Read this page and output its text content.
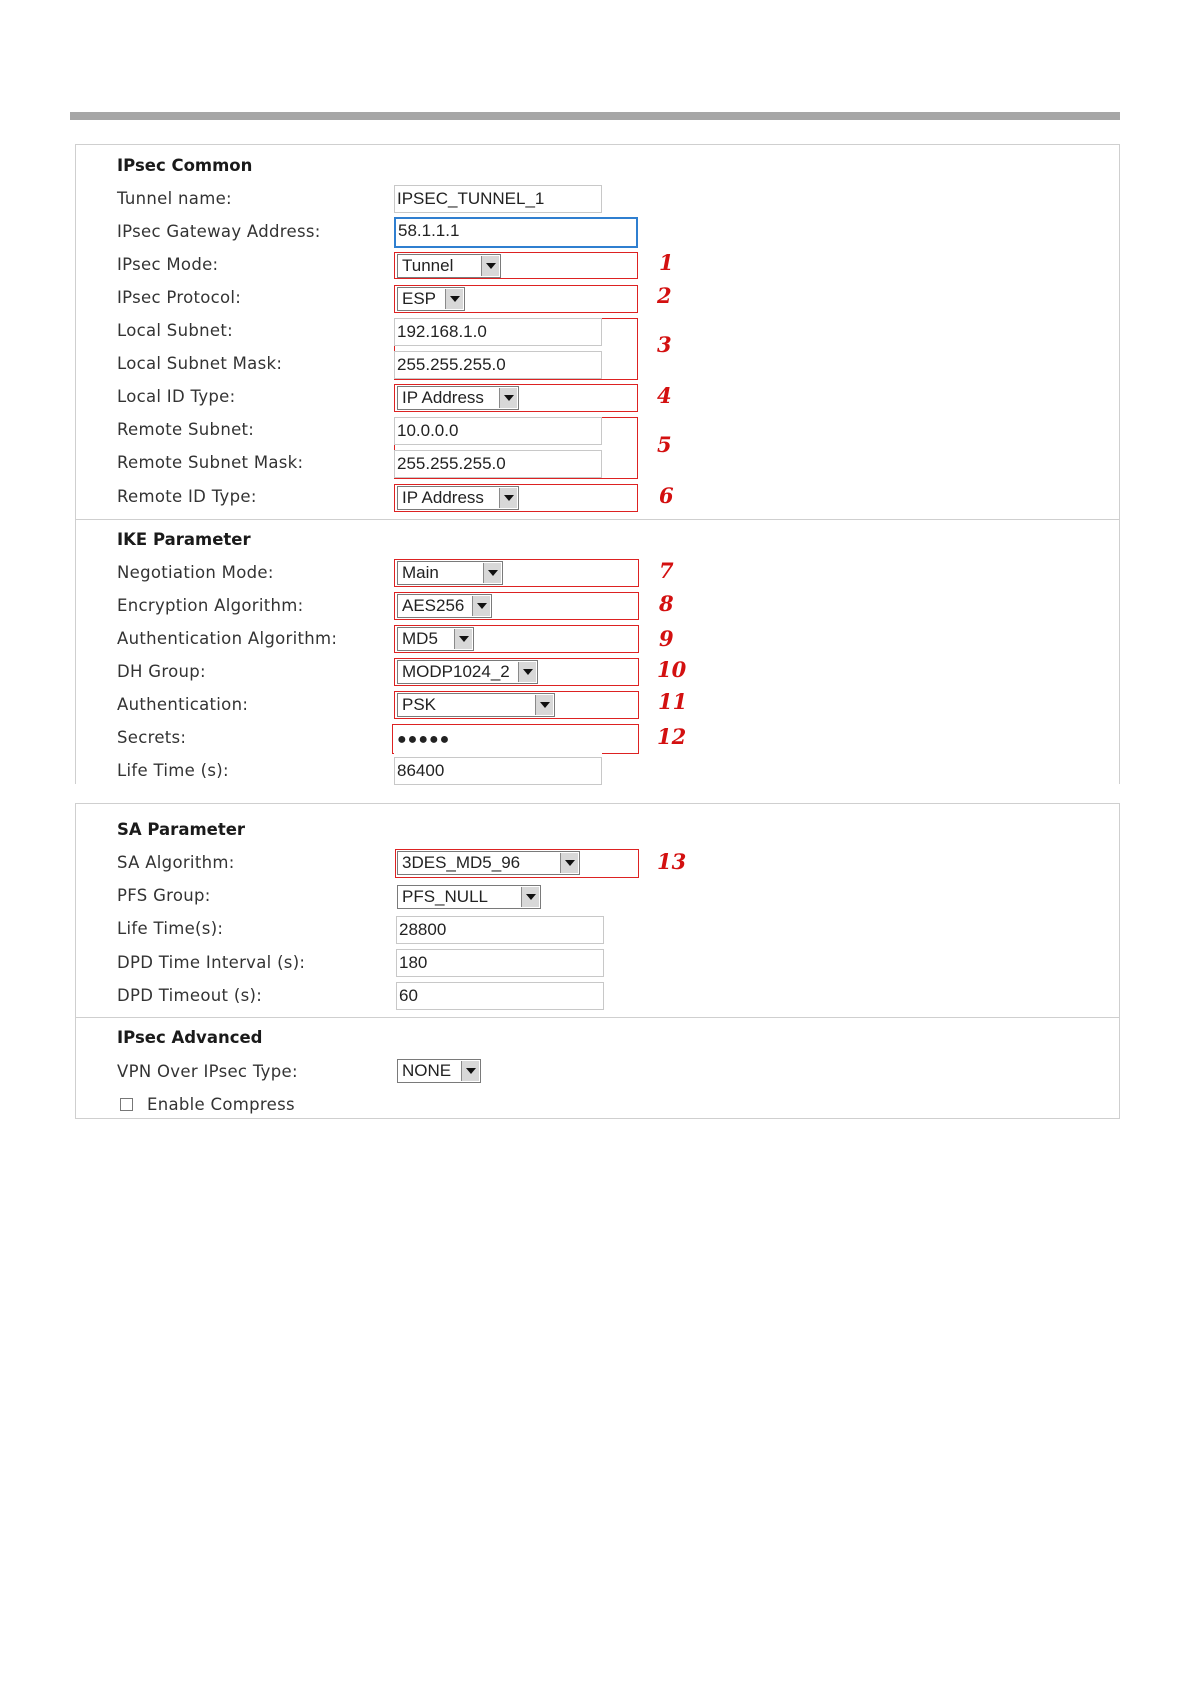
IPsec Common
Tunnel name:	IPSEC_TUNNEL_1
IPsec Gateway Address:	58.1.1.1
IPsec Mode:	Tunnel	1
IPsec Protocol:	ESP	2
Local Subnet:	192.168.1.0
3
Local Subnet Mask:	255.255.255.0
Local ID Type:	IP Address	4
Remote Subnet:	10.0.0.0
5
Remote Subnet Mask:	255.255.255.0
Remote ID Type:	IP Address	6
IKE Parameter
Negotiation Mode:	Main	7
Encryption Algorithm:	AES256	8
Authentication Algorithm:	MD5	9
DH Group:	MODP1024_2	10
Authentication:	PSK	11
Secrets:	●●●●●	12
Life Time (s):	86400
SA Parameter
SA Algorithm:	3DES_MD5_96	13
PFS Group:	PFS_NULL
Life Time(s):	28800
DPD Time Interval (s):	180
DPD Timeout (s):	60
IPsec Advanced
VPN Over IPsec Type:	NONE
Enable Compress
